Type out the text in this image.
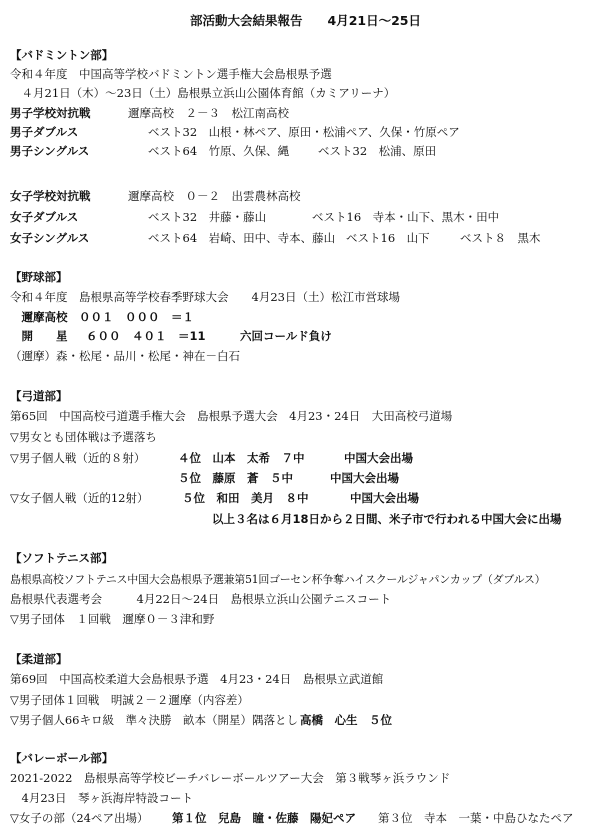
部活動大会結果報告　　4月21日～25日
【バドミントン部】
令和４年度　中国高等学校バドミントン選手権大会島根県予選
　４月21日（木）～23日（土）島根県立浜山公園体育館（カミアリーナ）
男子学校対抗戦	邇摩高校　２－３　松江南高校
男子ダブルス	ベスト32　山根・林ペア、原田・松浦ペア、久保・竹原ペア
男子シングルス	ベスト64　竹原、久保、縄	ベスト32　松浦、原田
女子学校対抗戦	邇摩高校　０－２　出雲農林高校
女子ダブルス	ベスト32　井藤・藤山	ベスト16　寺本・山下、黒木・田中
女子シングルス	ベスト64　岩崎、田中、寺本、藤山 ベスト16　山下	ベスト８　黒木
【野球部】
令和４年度　島根県高等学校春季野球大会　　4月23日（土）松江市営球場
　邇摩高校　００１　０００　＝１
　開　　星 ６００　４０１　＝11	六回コールド負け
（邇摩）森・松尾・品川・松尾・神在－白石
【弓道部】
第65回　中国高校弓道選手権大会　島根県予選大会　4月23・24日　大田高校弓道場
▽男女とも団体戦は予選落ち
▽男子個人戦（近的８射）	４位　山本　太希　７中	中国大会出場
５位　藤原　蒼　５中	中国大会出場
▽女子個人戦（近的12射）	５位　和田　美月　８中	中国大会出場
以上３名は６月18日から２日間、米子市で行われる中国大会に出場
【ソフトテニス部】
島根県高校ソフトテニス中国大会島根県予選兼第51回ゴーセン杯争奪ハイスクールジャパンカップ（ダブルス）
島根県代表選考会　　　4月22日～24日　島根県立浜山公園テニスコート
▽男子団体　１回戦　邇摩０－３津和野
【柔道部】
第69回　中国高校柔道大会島根県予選　4月23・24日　島根県立武道館
▽男子団体１回戦　明誠２－２邇摩（内容差）
▽男子個人66キロ級　準々決勝　畝本（開星）隅落とし 高橋　心生　５位
【バレーボール部】
2021-2022　島根県高等学校ビーチバレーボールツアー大会　第３戦琴ヶ浜ラウンド
　4月23日　琴ヶ浜海岸特設コート
▽女子の部（24ペア出場） 第１位　兒島　瞳・佐藤　陽妃ペア 第３位　寺本　一葉・中島ひなたペア
